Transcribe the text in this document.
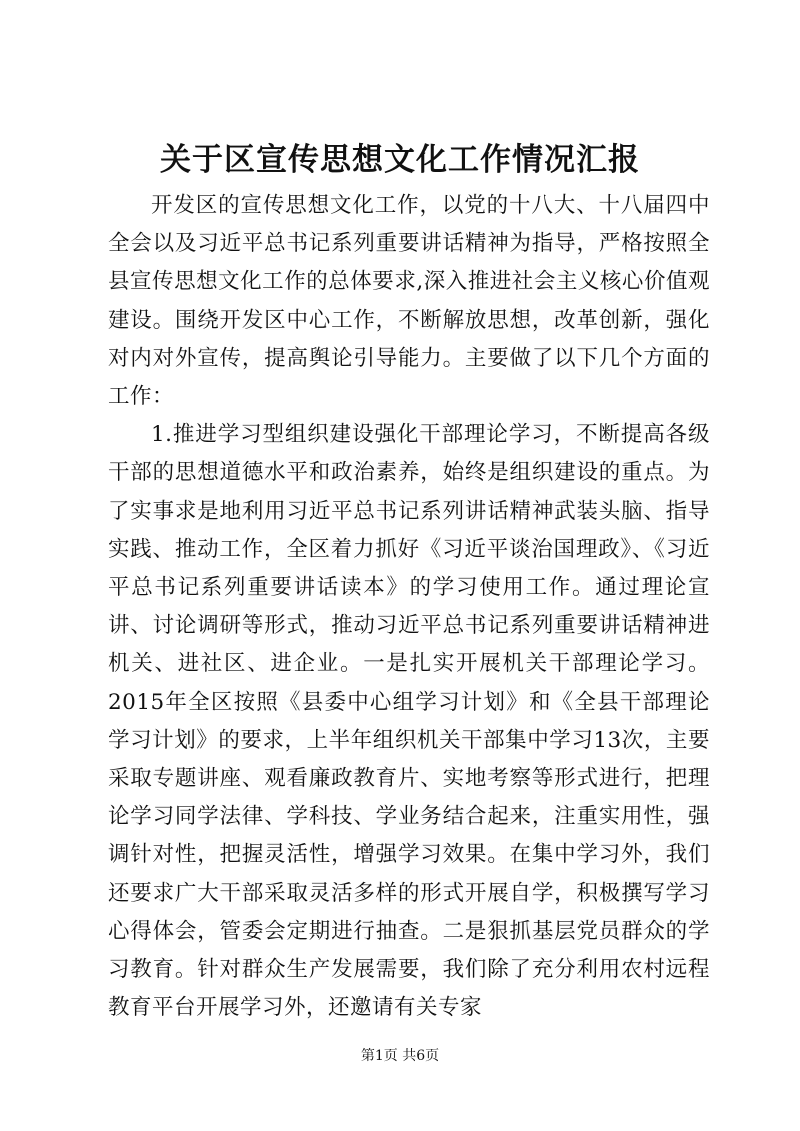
关于区宣传思想文化工作情况汇报

开发区的宣传思想文化工作，以党的十八大、十八届四中全会以及习近平总书记系列重要讲话精神为指导，严格按照全县宣传思想文化工作的总体要求,深入推进社会主义核心价值观建设。围绕开发区中心工作，不断解放思想，改革创新，强化对内对外宣传，提高舆论引导能力。主要做了以下几个方面的工作：

1.推进学习型组织建设强化干部理论学习，不断提高各级干部的思想道德水平和政治素养，始终是组织建设的重点。为了实事求是地利用习近平总书记系列讲话精神武装头脑、指导实践、推动工作，全区着力抓好《习近平谈治国理政》、《习近平总书记系列重要讲话读本》的学习使用工作。通过理论宣讲、讨论调研等形式，推动习近平总书记系列重要讲话精神进机关、进社区、进企业。一是扎实开展机关干部理论学习。2015年全区按照《县委中心组学习计划》和《全县干部理论学习计划》的要求，上半年组织机关干部集中学习13次，主要采取专题讲座、观看廉政教育片、实地考察等形式进行，把理论学习同学法律、学科技、学业务结合起来，注重实用性，强调针对性，把握灵活性，增强学习效果。在集中学习外，我们还要求广大干部采取灵活多样的形式开展自学，积极撰写学习心得体会，管委会定期进行抽查。二是狠抓基层党员群众的学习教育。针对群众生产发展需要，我们除了充分利用农村远程教育平台开展学习外，还邀请有关专家

第1页 共6页
